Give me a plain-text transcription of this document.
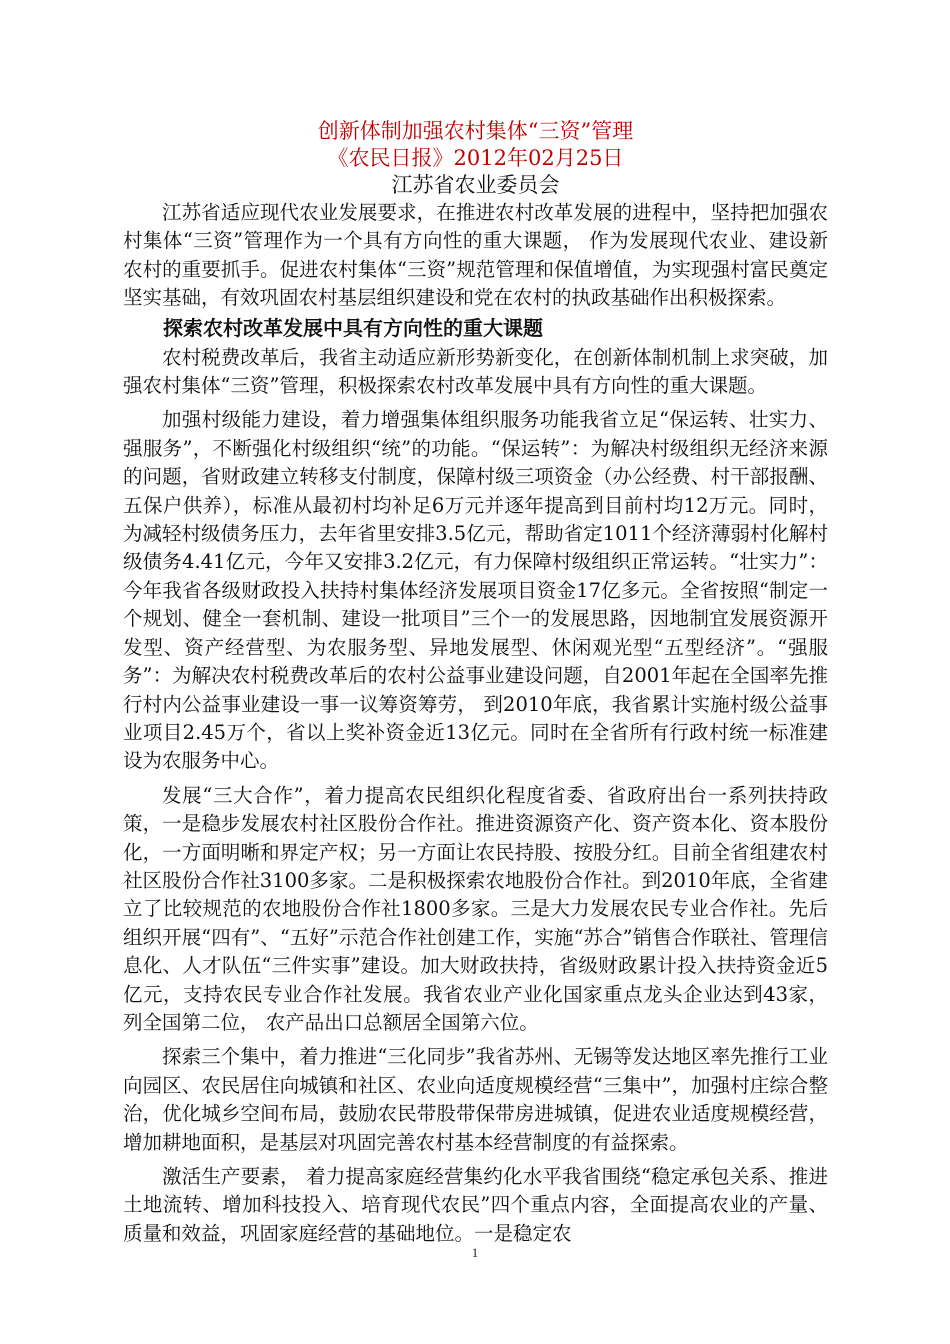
创新体制加强农村集体“三资”管理

《农民日报》2012年02月25日

江苏省农业委员会

江苏省适应现代农业发展要求，在推进农村改革发展的进程中，坚持把加强农村集体“三资”管理作为一个具有方向性的重大课题， 作为发展现代农业、建设新农村的重要抓手。促进农村集体“三资”规范管理和保值增值，为实现强村富民奠定坚实基础，有效巩固农村基层组织建设和党在农村的执政基础作出积极探索。

探索农村改革发展中具有方向性的重大课题

农村税费改革后，我省主动适应新形势新变化，在创新体制机制上求突破，加强农村集体“三资”管理，积极探索农村改革发展中具有方向性的重大课题。

加强村级能力建设，着力增强集体组织服务功能我省立足“保运转、壮实力、强服务”，不断强化村级组织“统”的功能。“保运转”：为解决村级组织无经济来源的问题，省财政建立转移支付制度，保障村级三项资金（办公经费、村干部报酬、五保户供养），标准从最初村均补足6万元并逐年提高到目前村均12万元。同时，为减轻村级债务压力，去年省里安排3.5亿元，帮助省定1011个经济薄弱村化解村级债务4.41亿元，今年又安排3.2亿元，有力保障村级组织正常运转。“壮实力”：今年我省各级财政投入扶持村集体经济发展项目资金17亿多元。全省按照“制定一个规划、健全一套机制、建设一批项目”三个一的发展思路，因地制宜发展资源开发型、资产经营型、为农服务型、异地发展型、休闲观光型“五型经济”。“强服务”：为解决农村税费改革后的农村公益事业建设问题，自2001年起在全国率先推行村内公益事业建设一事一议筹资筹劳， 到2010年底，我省累计实施村级公益事业项目2.45万个，省以上奖补资金近13亿元。同时在全省所有行政村统一标准建设为农服务中心。

发展“三大合作”，着力提高农民组织化程度省委、省政府出台一系列扶持政策，一是稳步发展农村社区股份合作社。推进资源资产化、资产资本化、资本股份化，一方面明晰和界定产权；另一方面让农民持股、按股分红。目前全省组建农村社区股份合作社3100多家。二是积极探索农地股份合作社。到2010年底，全省建立了比较规范的农地股份合作社1800多家。三是大力发展农民专业合作社。先后组织开展“四有”、“五好”示范合作社创建工作，实施“苏合”销售合作联社、管理信息化、人才队伍“三件实事”建设。加大财政扶持，省级财政累计投入扶持资金近5亿元，支持农民专业合作社发展。我省农业产业化国家重点龙头企业达到43家， 列全国第二位， 农产品出口总额居全国第六位。

探索三个集中，着力推进“三化同步”我省苏州、无锡等发达地区率先推行工业向园区、农民居住向城镇和社区、农业向适度规模经营“三集中”，加强村庄综合整治，优化城乡空间布局，鼓励农民带股带保带房进城镇，促进农业适度规模经营，增加耕地面积，是基层对巩固完善农村基本经营制度的有益探索。

激活生产要素， 着力提高家庭经营集约化水平我省围绕“稳定承包关系、推进土地流转、增加科技投入、培育现代农民”四个重点内容，全面提高农业的产量、质量和效益，巩固家庭经营的基础地位。一是稳定农

1
